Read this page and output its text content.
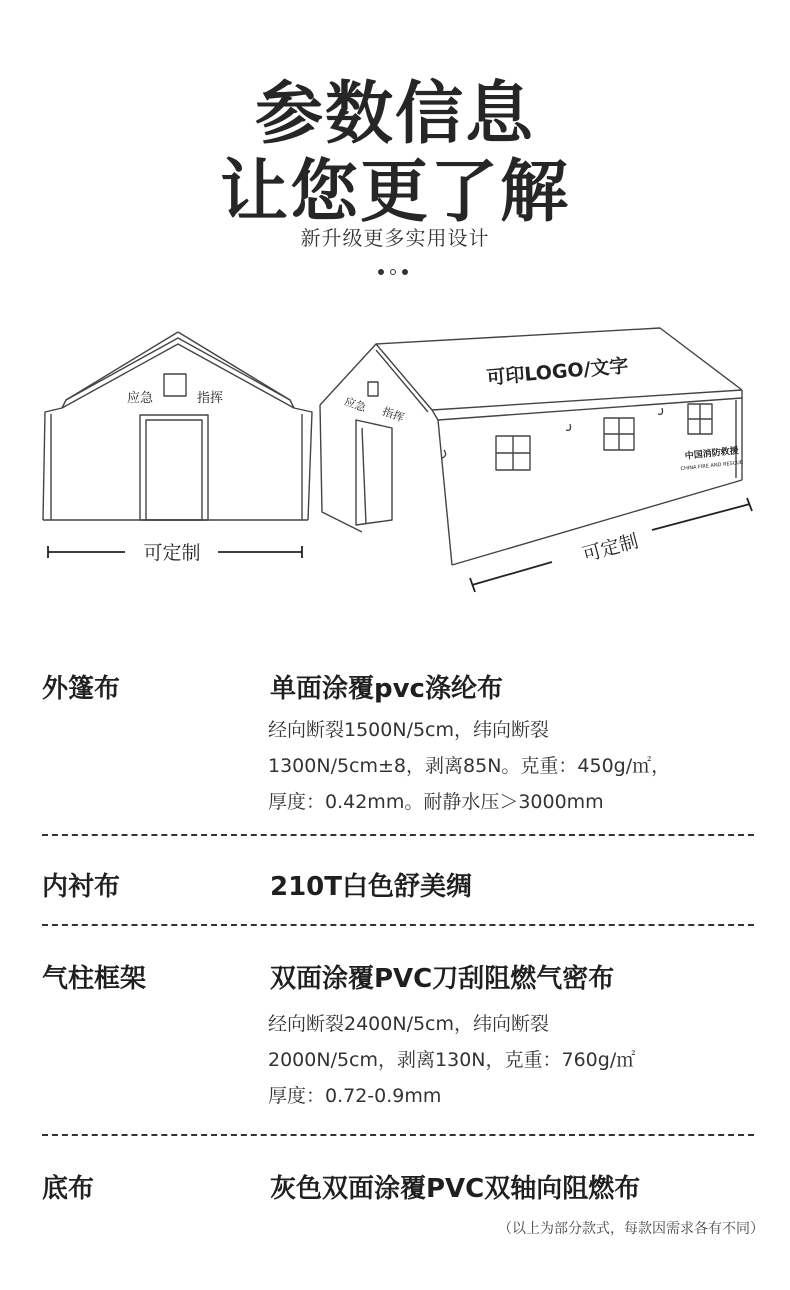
参数信息
让您更了解
新升级更多实用设计
应急	指挥
可定制
可印LOGO/文字
应急
指挥
中国消防救援
CHINA FIRE AND RESCUE
可定制
外篷布	单面涂覆pvc涤纶布
经向断裂1500N/5cm，纬向断裂
1300N/5cm±8，剥离85N。克重：450g/㎡，
厚度：0.42mm。耐静水压＞3000mm
内衬布	210T白色舒美绸
气柱框架	双面涂覆PVC刀刮阻燃气密布
经向断裂2400N/5cm，纬向断裂
2000N/5cm，剥离130N，克重：760g/㎡
厚度：0.72-0.9mm
底布	灰色双面涂覆PVC双轴向阻燃布
（以上为部分款式，每款因需求各有不同）
